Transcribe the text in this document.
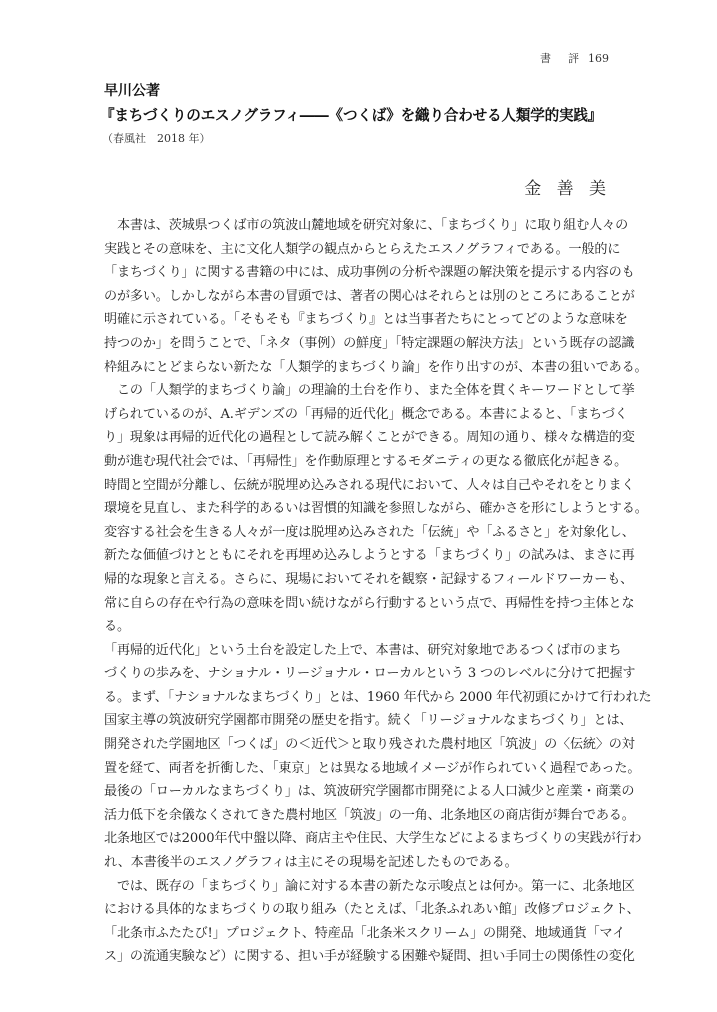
書　評 169
早川公著
『まちづくりのエスノグラフィ――《つくば》を織り合わせる人類学的実践』
（春風社　2018 年）
金 善 美
　本書は、茨城県つくば市の筑波山麓地域を研究対象に、「まちづくり」に取り組む人々の
実践とその意味を、主に文化人類学の観点からとらえたエスノグラフィである。一般的に
「まちづくり」に関する書籍の中には、成功事例の分析や課題の解決策を提示する内容のも
のが多い。しかしながら本書の冒頭では、著者の関心はそれらとは別のところにあることが
明確に示されている。「そもそも『まちづくり』とは当事者たちにとってどのような意味を
持つのか」を問うことで、「ネタ（事例）の鮮度」「特定課題の解決方法」という既存の認識
枠組みにとどまらない新たな「人類学的まちづくり論」を作り出すのが、本書の狙いである。
　この「人類学的まちづくり論」の理論的土台を作り、また全体を貫くキーワードとして挙
げられているのが、A.ギデンズの「再帰的近代化」概念である。本書によると、「まちづく
り」現象は再帰的近代化の過程として読み解くことができる。周知の通り、様々な構造的変
動が進む現代社会では、「再帰性」を作動原理とするモダニティの更なる徹底化が起きる。
時間と空間が分離し、伝統が脱埋め込みされる現代において、人々は自己やそれをとりまく
環境を見直し、また科学的あるいは習慣的知識を参照しながら、確かさを形にしようとする。
変容する社会を生きる人々が一度は脱埋め込みされた「伝統」や「ふるさと」を対象化し、
新たな価値づけとともにそれを再埋め込みしようとする「まちづくり」の試みは、まさに再
帰的な現象と言える。さらに、現場においてそれを観察・記録するフィールドワーカーも、
常に自らの存在や行為の意味を問い続けながら行動するという点で、再帰性を持つ主体とな
る。
「再帰的近代化」という土台を設定した上で、本書は、研究対象地であるつくば市のまち
づくりの歩みを、ナショナル・リージョナル・ローカルという 3 つのレベルに分けて把握す
る。まず、「ナショナルなまちづくり」とは、1960 年代から 2000 年代初頭にかけて行われた
国家主導の筑波研究学園都市開発の歴史を指す。続く「リージョナルなまちづくり」とは、
開発された学園地区「つくば」の＜近代＞と取り残された農村地区「筑波」の〈伝統〉の対
置を経て、両者を折衝した、「東京」とは異なる地域イメージが作られていく過程であった。
最後の「ローカルなまちづくり」は、筑波研究学園都市開発による人口減少と産業・商業の
活力低下を余儀なくされてきた農村地区「筑波」の一角、北条地区の商店街が舞台である。
北条地区では2000年代中盤以降、商店主や住民、大学生などによるまちづくりの実践が行わ
れ、本書後半のエスノグラフィは主にその現場を記述したものである。
　では、既存の「まちづくり」論に対する本書の新たな示唆点とは何か。第一に、北条地区
における具体的なまちづくりの取り組み（たとえば、「北条ふれあい館」改修プロジェクト、
「北条市ふたたび!」プロジェクト、特産品「北条米スクリーム」の開発、地域通貨「マイ
ス」の流通実験など）に関する、担い手が経験する困難や疑問、担い手同士の関係性の変化
